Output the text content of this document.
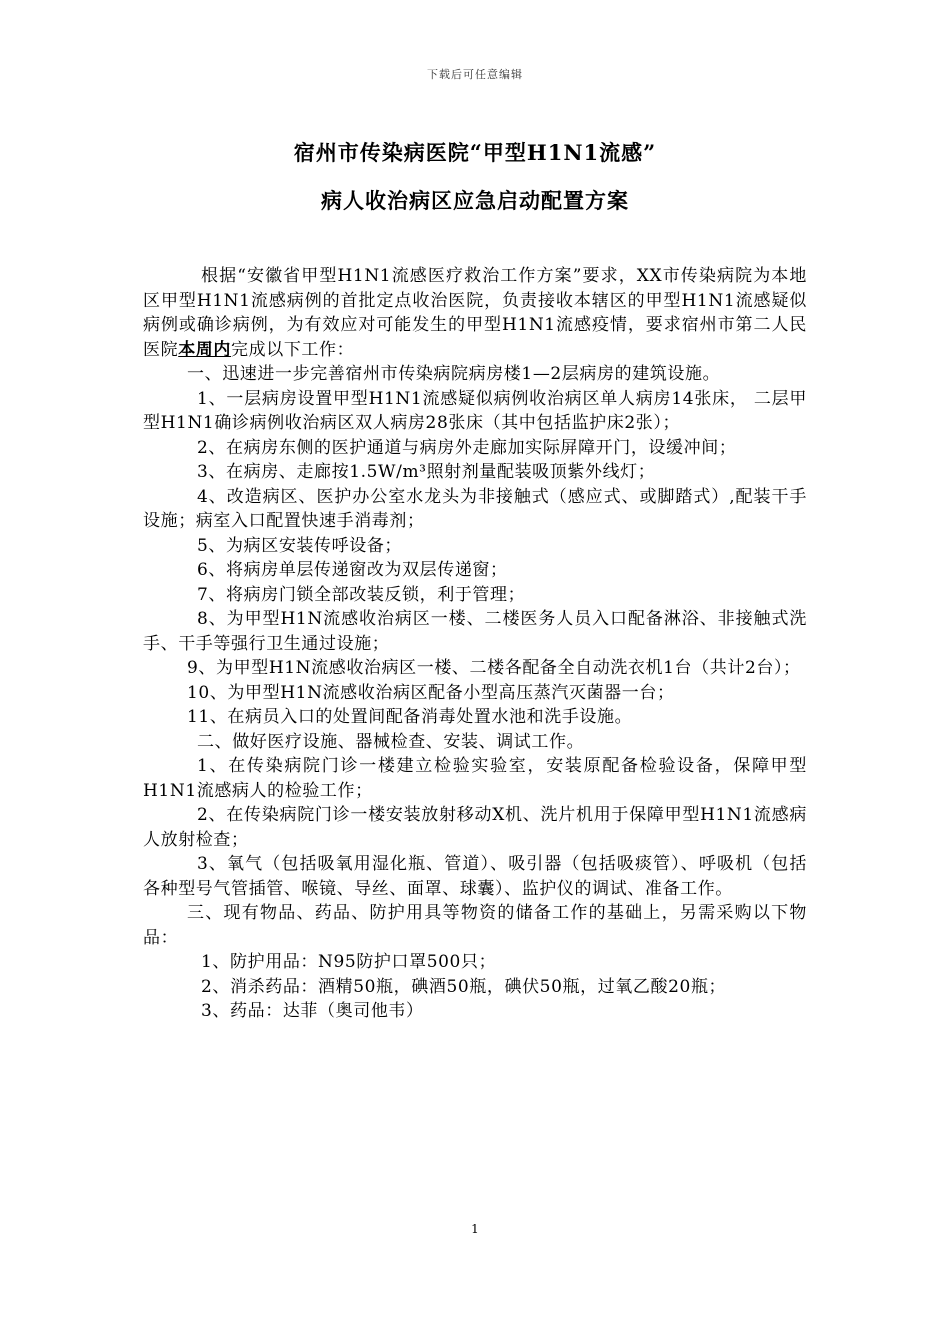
下载后可任意编辑
宿州市传染病医院“甲型H1N1流感”
病人收治病区应急启动配置方案

根据“安徽省甲型H1N1流感医疗救治工作方案”要求，XX市传染病院为本地区甲型H1N1流感病例的首批定点收治医院，负责接收本辖区的甲型H1N1流感疑似病例或确诊病例，为有效应对可能发生的甲型H1N1流感疫情，要求宿州市第二人民医院本周内完成以下工作：

一、迅速进一步完善宿州市传染病院病房楼1—2层病房的建筑设施。

1、一层病房设置甲型H1N1流感疑似病例收治病区单人病房14张床， 二层甲型H1N1确诊病例收治病区双人病房28张床（其中包括监护床2张）；

2、在病房东侧的医护通道与病房外走廊加实际屏障开门，设缓冲间；

3、在病房、走廊按1.5W/m³照射剂量配装吸顶紫外线灯；

4、改造病区、医护办公室水龙头为非接触式（感应式、或脚踏式）,配装干手设施；病室入口配置快速手消毒剂；

5、为病区安装传呼设备；

6、将病房单层传递窗改为双层传递窗；

7、将病房门锁全部改装反锁，利于管理；

8、为甲型H1N流感收治病区一楼、二楼医务人员入口配备淋浴、非接触式洗手、干手等强行卫生通过设施；

9、为甲型H1N流感收治病区一楼、二楼各配备全自动洗衣机1台（共计2台）；

10、为甲型H1N流感收治病区配备小型高压蒸汽灭菌器一台；

11、在病员入口的处置间配备消毒处置水池和洗手设施。

二、做好医疗设施、器械检查、安装、调试工作。

1、在传染病院门诊一楼建立检验实验室，安装原配备检验设备，保障甲型H1N1流感病人的检验工作；

2、在传染病院门诊一楼安装放射移动X机、洗片机用于保障甲型H1N1流感病人放射检查；

3、氧气（包括吸氧用湿化瓶、管道）、吸引器（包括吸痰管）、呼吸机（包括各种型号气管插管、喉镜、导丝、面罩、球囊）、监护仪的调试、准备工作。

三、现有物品、药品、防护用具等物资的储备工作的基础上，另需采购以下物品：

1、防护用品：N95防护口罩500只；

2、消杀药品：酒精50瓶，碘酒50瓶，碘伏50瓶，过氧乙酸20瓶；

3、药品：达菲（奥司他韦）

1
